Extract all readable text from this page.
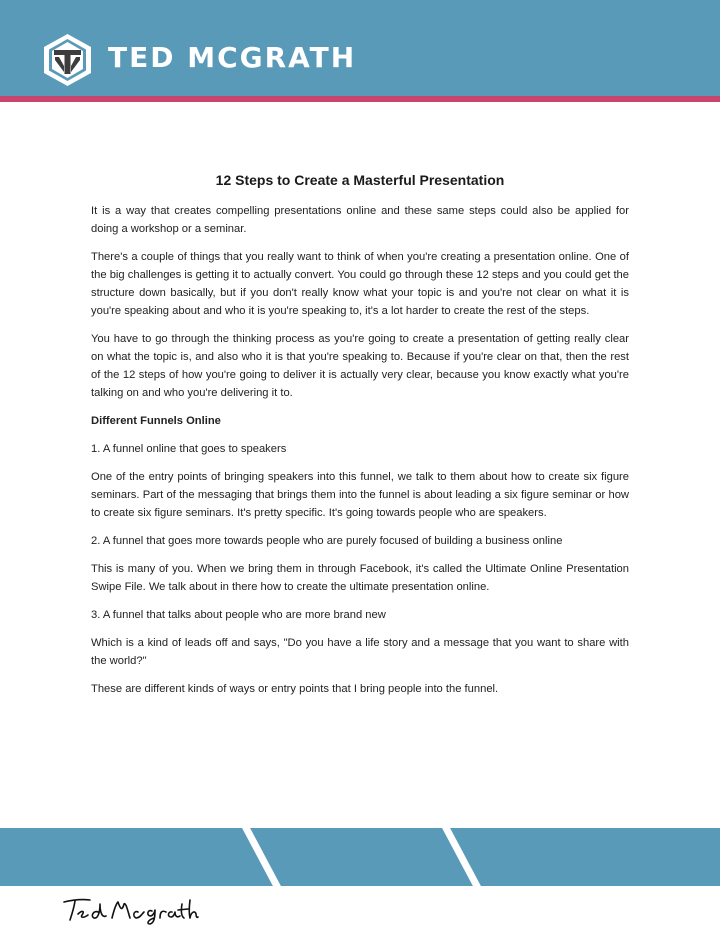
TED MCGRATH
12 Steps to Create a Masterful Presentation

It is a way that creates compelling presentations online and these same steps could also be applied for doing a workshop or a seminar.

There's a couple of things that you really want to think of when you're creating a presentation online. One of the big challenges is getting it to actually convert. You could go through these 12 steps and you could get the structure down basically, but if you don't really know what your topic is and you're not clear on what it is you're speaking about and who it is you're speaking to, it's a lot harder to create the rest of the steps.

You have to go through the thinking process as you're going to create a presentation of getting really clear on what the topic is, and also who it is that you're speaking to. Because if you're clear on that, then the rest of the 12 steps of how you're going to deliver it is actually very clear, because you know exactly what you're talking on and who you're delivering it to.

Different Funnels Online

1. A funnel online that goes to speakers

One of the entry points of bringing speakers into this funnel, we talk to them about how to create six figure seminars. Part of the messaging that brings them into the funnel is about leading a six figure seminar or how to create six figure seminars. It's pretty specific. It's going towards people who are speakers.

2. A funnel that goes more towards people who are purely focused of building a business online

This is many of you. When we bring them in through Facebook, it's called the Ultimate Online Presentation Swipe File. We talk about in there how to create the ultimate presentation online.

3. A funnel that talks about people who are more brand new

Which is a kind of leads off and says, "Do you have a life story and a message that you want to share with the world?"

These are different kinds of ways or entry points that I bring people into the funnel.
